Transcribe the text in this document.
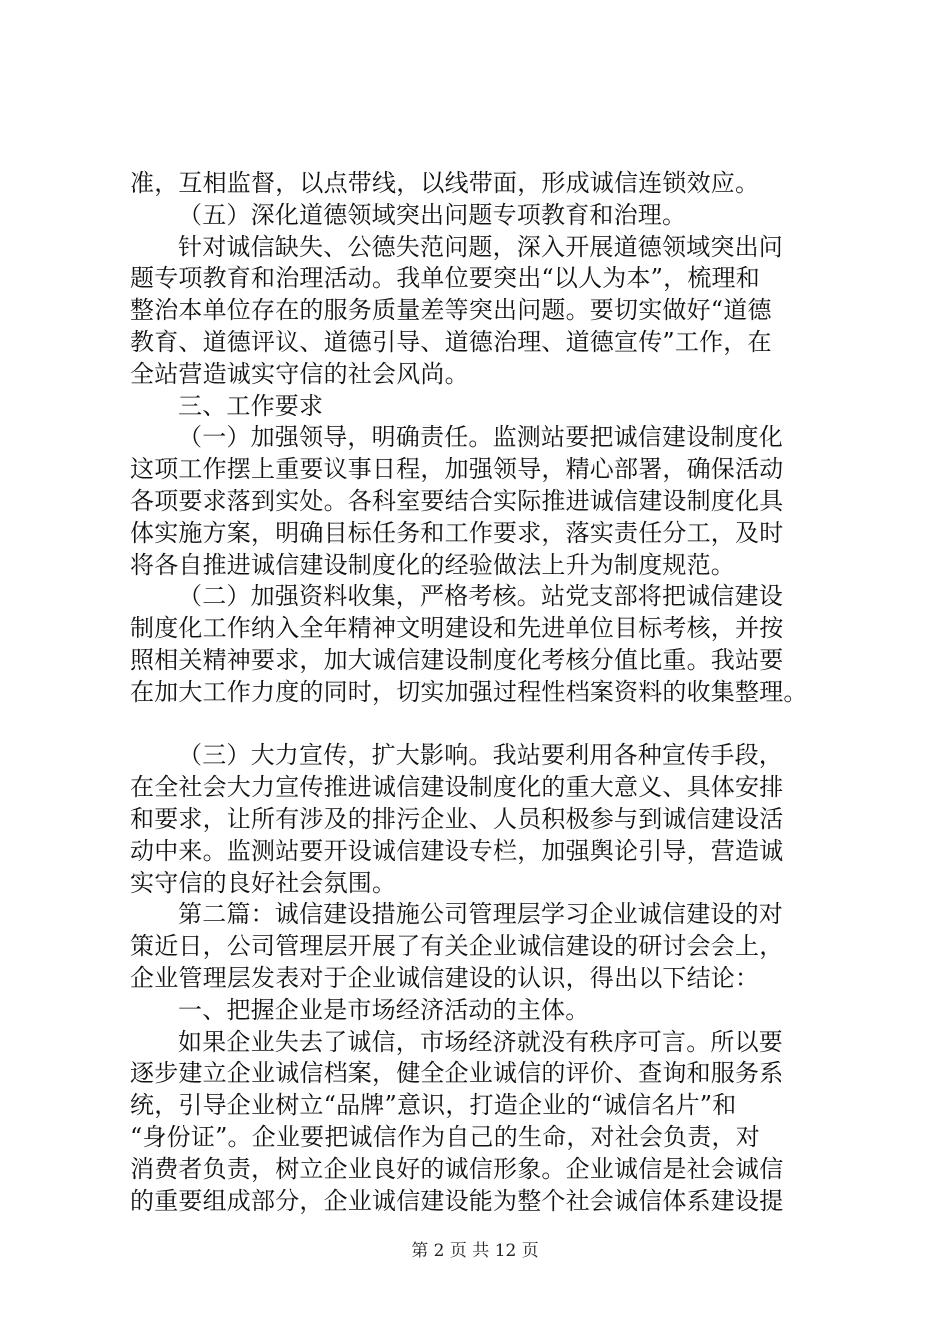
准，互相监督，以点带线，以线带面，形成诚信连锁效应。
（五）深化道德领域突出问题专项教育和治理。
针对诚信缺失、公德失范问题，深入开展道德领域突出问
题专项教育和治理活动。我单位要突出“以人为本”，梳理和
整治本单位存在的服务质量差等突出问题。要切实做好“道德
教育、道德评议、道德引导、道德治理、道德宣传”工作，在
全站营造诚实守信的社会风尚。
三、工作要求
（一）加强领导，明确责任。监测站要把诚信建设制度化
这项工作摆上重要议事日程，加强领导，精心部署，确保活动
各项要求落到实处。各科室要结合实际推进诚信建设制度化具
体实施方案，明确目标任务和工作要求，落实责任分工，及时
将各自推进诚信建设制度化的经验做法上升为制度规范。
（二）加强资料收集，严格考核。站党支部将把诚信建设
制度化工作纳入全年精神文明建设和先进单位目标考核，并按
照相关精神要求，加大诚信建设制度化考核分值比重。我站要
在加大工作力度的同时，切实加强过程性档案资料的收集整理。
（三）大力宣传，扩大影响。我站要利用各种宣传手段，
在全社会大力宣传推进诚信建设制度化的重大意义、具体安排
和要求，让所有涉及的排污企业、人员积极参与到诚信建设活
动中来。监测站要开设诚信建设专栏，加强舆论引导，营造诚
实守信的良好社会氛围。
第二篇：诚信建设措施公司管理层学习企业诚信建设的对
策近日，公司管理层开展了有关企业诚信建设的研讨会会上，
企业管理层发表对于企业诚信建设的认识，得出以下结论：
一、把握企业是市场经济活动的主体。
如果企业失去了诚信，市场经济就没有秩序可言。所以要
逐步建立企业诚信档案，健全企业诚信的评价、查询和服务系
统，引导企业树立“品牌”意识，打造企业的“诚信名片”和
“身份证”。企业要把诚信作为自己的生命，对社会负责，对
消费者负责，树立企业良好的诚信形象。企业诚信是社会诚信
的重要组成部分，企业诚信建设能为整个社会诚信体系建设提
第 2 页 共 12 页
